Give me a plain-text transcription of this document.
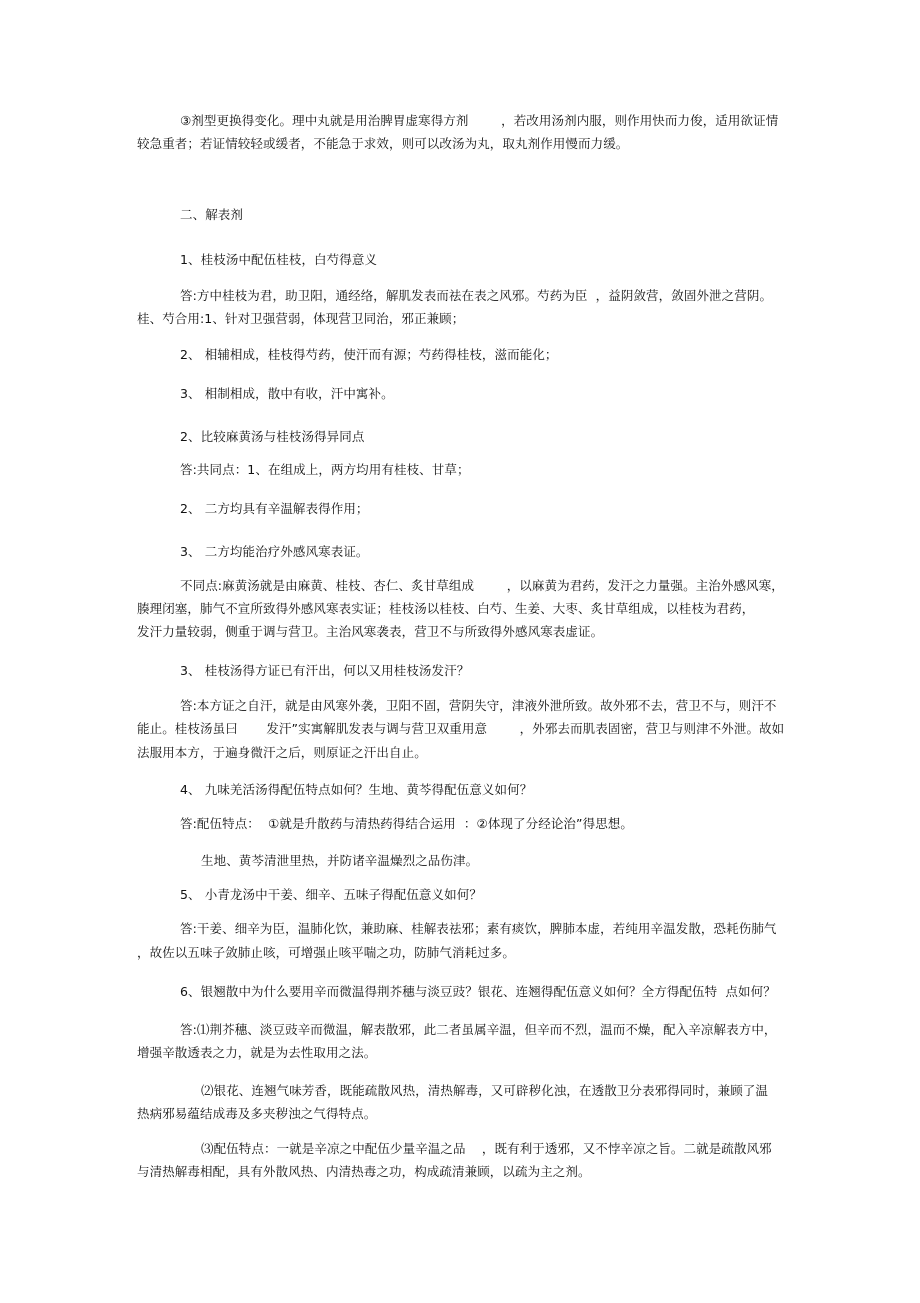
③剂型更换得变化。理中丸就是用治脾胃虚寒得方剂        ，若改用汤剂内服，则作用快而力俊，适用欲证情
较急重者；若证情较轻或缓者，不能急于求效，则可以改汤为丸，取丸剂作用慢而力缓。
二、解表剂
1、桂枝汤中配伍桂枝，白芍得意义
答:方中桂枝为君，助卫阳，通经络，解肌发表而祛在表之风邪。芍药为臣  ，益阴敛营，敛固外泄之营阴。
桂、芍合用:1、针对卫强营弱，体现营卫同治，邪正兼顾；
2、 相辅相成，桂枝得芍药，使汗而有源；芍药得桂枝，滋而能化；
3、 相制相成，散中有收，汗中寓补。
2、比较麻黄汤与桂枝汤得异同点
答:共同点：1、在组成上，两方均用有桂枝、甘草；
2、 二方均具有辛温解表得作用；
3、 二方均能治疗外感风寒表证。
不同点:麻黄汤就是由麻黄、桂枝、杏仁、炙甘草组成        ，以麻黄为君药，发汗之力量强。主治外感风寒，
腠理闭塞，肺气不宣所致得外感风寒表实证；桂枝汤以桂枝、白芍、生姜、大枣、炙甘草组成，以桂枝为君药，
发汗力量较弱，侧重于调与营卫。主治风寒袭表，营卫不与所致得外感风寒表虚证。
3、 桂枝汤得方证已有汗出，何以又用桂枝汤发汗？
答:本方证之自汗，就是由风寒外袭，卫阳不固，营阴失守，津液外泄所致。故外邪不去，营卫不与，则汗不
能止。桂枝汤虽曰       发汗”实寓解肌发表与调与营卫双重用意        ，外邪去而肌表固密，营卫与则津不外泄。故如
法服用本方，于遍身微汗之后，则原证之汗出自止。
4、 九味羌活汤得配伍特点如何？生地、黄芩得配伍意义如何？
答:配伍特点：  ①就是升散药与清热药得结合运用  ：②体现了分经论治”得思想。
生地、黄芩清泄里热，并防诸辛温燥烈之品伤津。
5、 小青龙汤中干姜、细辛、五味子得配伍意义如何？
答:干姜、细辛为臣，温肺化饮，兼助麻、桂解表祛邪；素有痰饮，脾肺本虚，若纯用辛温发散，恐耗伤肺气
，故佐以五味子敛肺止咳，可增强止咳平喘之功，防肺气消耗过多。
6、银翘散中为什么要用辛而微温得荆芥穗与淡豆豉？银花、连翘得配伍意义如何？全方得配伍特  点如何？
答:⑴荆芥穗、淡豆豉辛而微温，解表散邪，此二者虽属辛温，但辛而不烈，温而不燥，配入辛凉解表方中，
增强辛散透表之力，就是为去性取用之法。
⑵银花、连翘气味芳香，既能疏散风热，清热解毒，又可辟秽化浊，在透散卫分表邪得同时，兼顾了温
热病邪易蕴结成毒及多夹秽浊之气得特点。
⑶配伍特点：一就是辛凉之中配伍少量辛温之品    ，既有利于透邪，又不悖辛凉之旨。二就是疏散风邪
与清热解毒相配，具有外散风热、内清热毒之功，构成疏清兼顾，以疏为主之剂。
